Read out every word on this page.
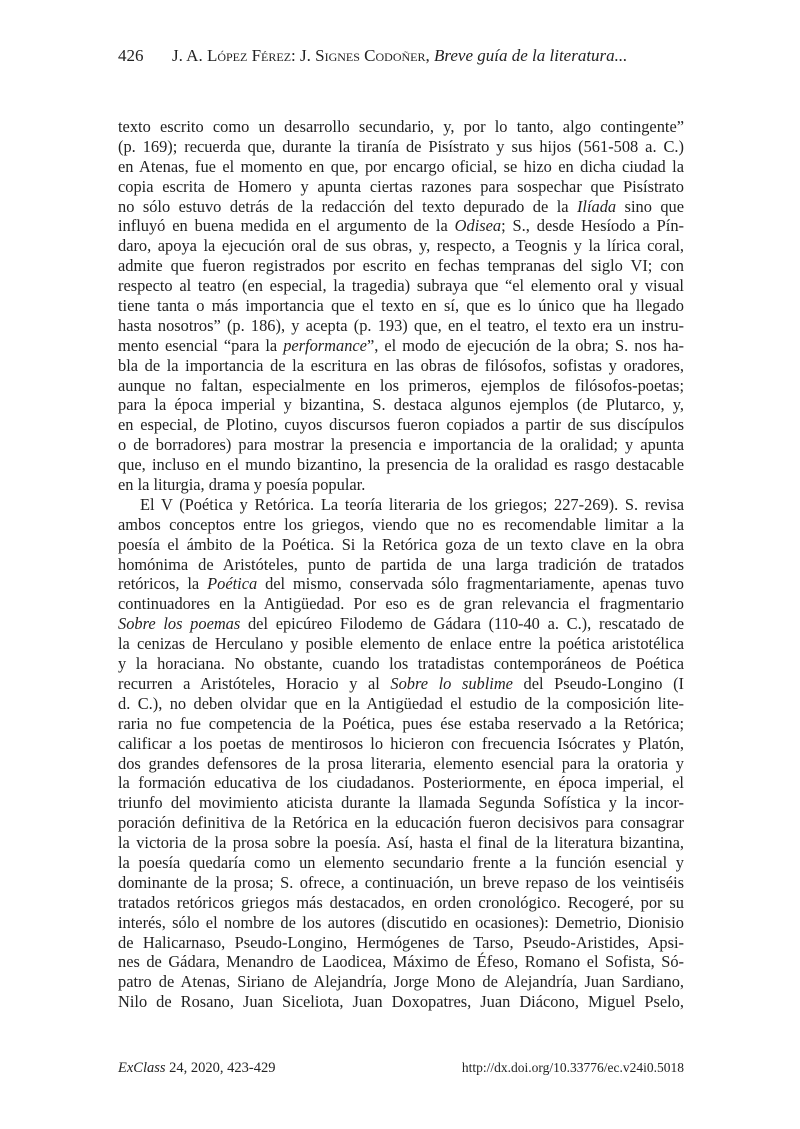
426 J. A. López Férez: J. Signes Codoñer, Breve guía de la literatura...
texto escrito como un desarrollo secundario, y, por lo tanto, algo contingente”
(p. 169); recuerda que, durante la tiranía de Pisístrato y sus hijos (561-508 a. C.)
en Atenas, fue el momento en que, por encargo oficial, se hizo en dicha ciudad la
copia escrita de Homero y apunta ciertas razones para sospechar que Pisístrato
no sólo estuvo detrás de la redacción del texto depurado de la Ilíada sino que
influyó en buena medida en el argumento de la Odisea; S., desde Hesíodo a Pín-
daro, apoya la ejecución oral de sus obras, y, respecto, a Teognis y la lírica coral,
admite que fueron registrados por escrito en fechas tempranas del siglo VI; con
respecto al teatro (en especial, la tragedia) subraya que “el elemento oral y visual
tiene tanta o más importancia que el texto en sí, que es lo único que ha llegado
hasta nosotros” (p. 186), y acepta (p. 193) que, en el teatro, el texto era un instru-
mento esencial “para la performance”, el modo de ejecución de la obra; S. nos ha-
bla de la importancia de la escritura en las obras de filósofos, sofistas y oradores,
aunque no faltan, especialmente en los primeros, ejemplos de filósofos-poetas;
para la época imperial y bizantina, S. destaca algunos ejemplos (de Plutarco, y,
en especial, de Plotino, cuyos discursos fueron copiados a partir de sus discípulos
o de borradores) para mostrar la presencia e importancia de la oralidad; y apunta
que, incluso en el mundo bizantino, la presencia de la oralidad es rasgo destacable
en la liturgia, drama y poesía popular.
El V (Poética y Retórica. La teoría literaria de los griegos; 227-269). S. revisa
ambos conceptos entre los griegos, viendo que no es recomendable limitar a la
poesía el ámbito de la Poética. Si la Retórica goza de un texto clave en la obra
homónima de Aristóteles, punto de partida de una larga tradición de tratados
retóricos, la Poética del mismo, conservada sólo fragmentariamente, apenas tuvo
continuadores en la Antigüedad. Por eso es de gran relevancia el fragmentario
Sobre los poemas del epicúreo Filodemo de Gádara (110-40 a. C.), rescatado de
la cenizas de Herculano y posible elemento de enlace entre la poética aristotélica
y la horaciana. No obstante, cuando los tratadistas contemporáneos de Poética
recurren a Aristóteles, Horacio y al Sobre lo sublime del Pseudo-Longino (I
d. C.), no deben olvidar que en la Antigüedad el estudio de la composición lite-
raria no fue competencia de la Poética, pues ése estaba reservado a la Retórica;
calificar a los poetas de mentirosos lo hicieron con frecuencia Isócrates y Platón,
dos grandes defensores de la prosa literaria, elemento esencial para la oratoria y
la formación educativa de los ciudadanos. Posteriormente, en época imperial, el
triunfo del movimiento aticista durante la llamada Segunda Sofística y la incor-
poración definitiva de la Retórica en la educación fueron decisivos para consagrar
la victoria de la prosa sobre la poesía. Así, hasta el final de la literatura bizantina,
la poesía quedaría como un elemento secundario frente a la función esencial y
dominante de la prosa; S. ofrece, a continuación, un breve repaso de los veintiséis
tratados retóricos griegos más destacados, en orden cronológico. Recogeré, por su
interés, sólo el nombre de los autores (discutido en ocasiones): Demetrio, Dionisio
de Halicarnaso, Pseudo-Longino, Hermógenes de Tarso, Pseudo-Aristides, Apsi-
nes de Gádara, Menandro de Laodicea, Máximo de Éfeso, Romano el Sofista, Só-
patro de Atenas, Siriano de Alejandría, Jorge Mono de Alejandría, Juan Sardiano,
Nilo de Rosano, Juan Siceliota, Juan Doxopatres, Juan Diácono, Miguel Pselo,
ExClass 24, 2020, 423-429	http://dx.doi.org/10.33776/ec.v24i0.5018
